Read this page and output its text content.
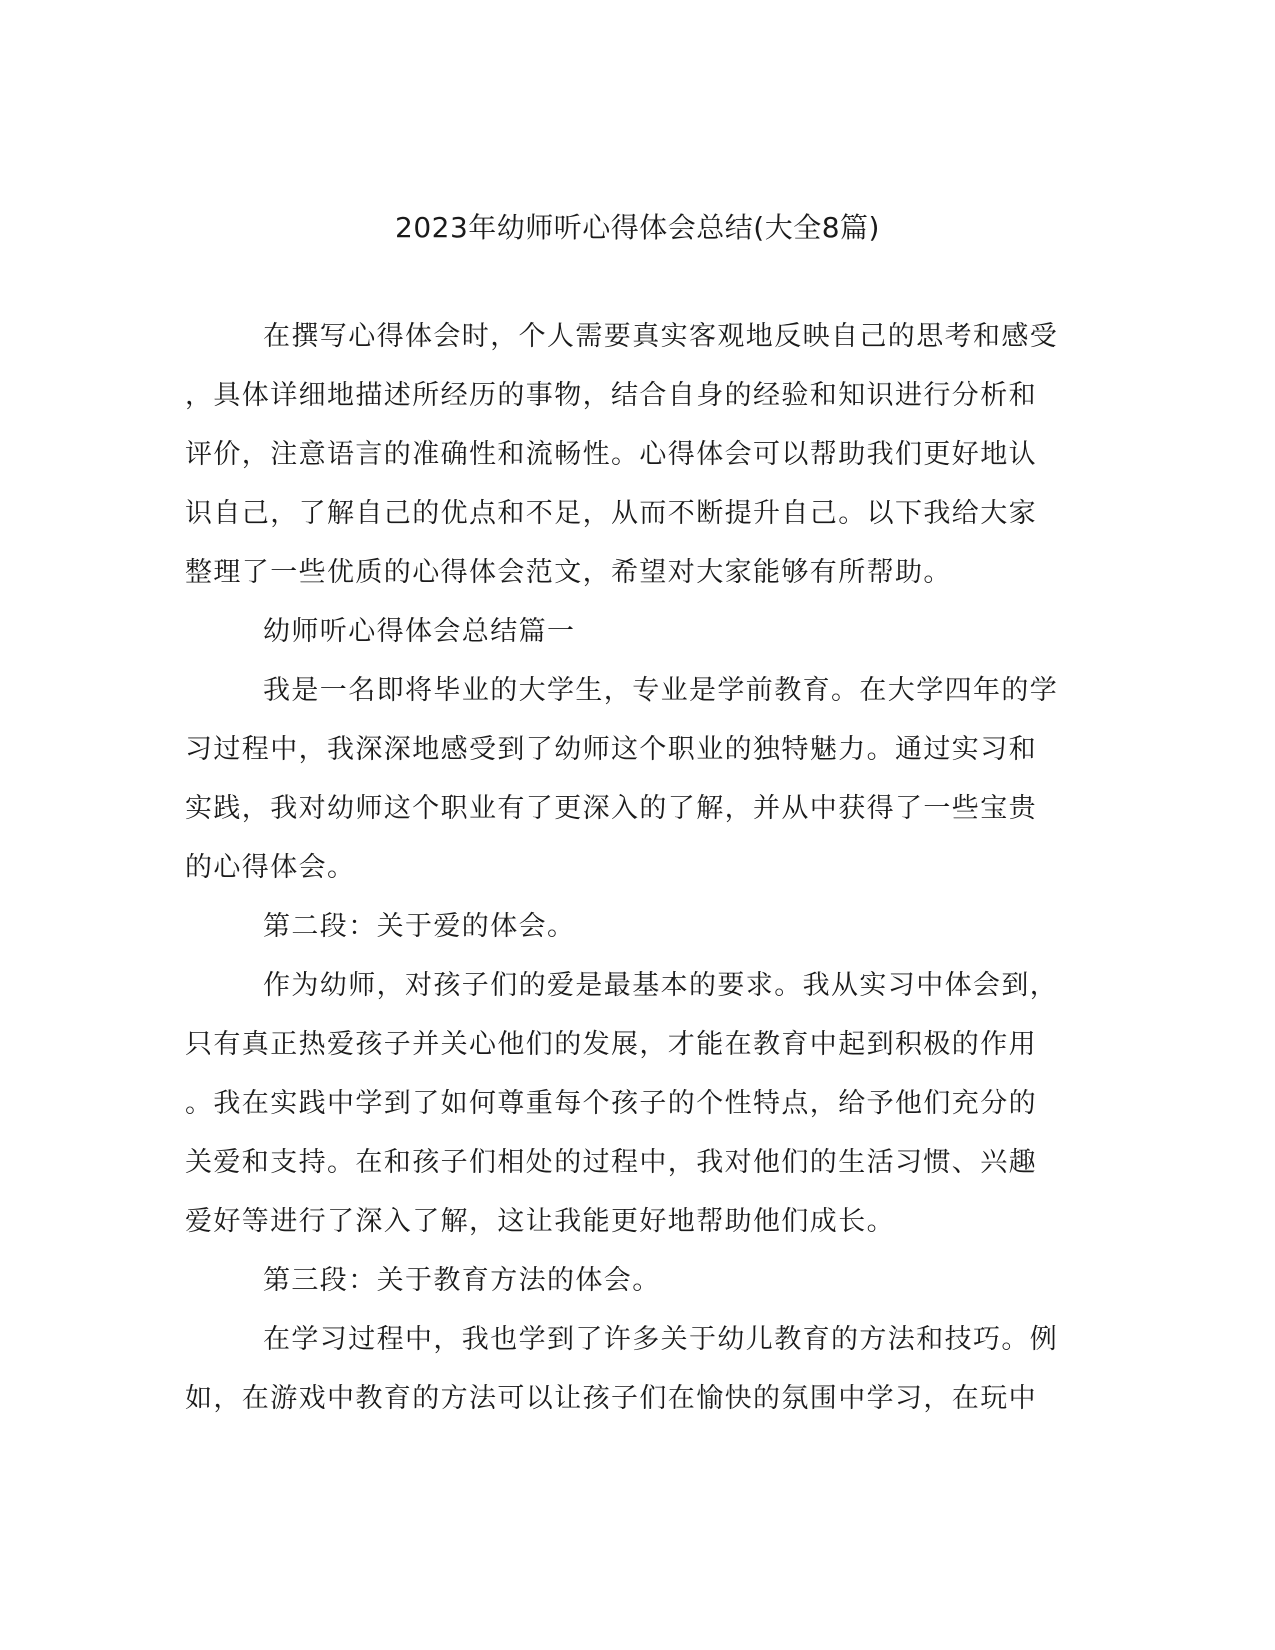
2023年幼师听心得体会总结(大全8篇)
在撰写心得体会时，个人需要真实客观地反映自己的思考和感受
，具体详细地描述所经历的事物，结合自身的经验和知识进行分析和
评价，注意语言的准确性和流畅性。心得体会可以帮助我们更好地认
识自己，了解自己的优点和不足，从而不断提升自己。以下我给大家
整理了一些优质的心得体会范文，希望对大家能够有所帮助。
幼师听心得体会总结篇一
我是一名即将毕业的大学生，专业是学前教育。在大学四年的学
习过程中，我深深地感受到了幼师这个职业的独特魅力。通过实习和
实践，我对幼师这个职业有了更深入的了解，并从中获得了一些宝贵
的心得体会。
第二段：关于爱的体会。
作为幼师，对孩子们的爱是最基本的要求。我从实习中体会到，
只有真正热爱孩子并关心他们的发展，才能在教育中起到积极的作用
。我在实践中学到了如何尊重每个孩子的个性特点，给予他们充分的
关爱和支持。在和孩子们相处的过程中，我对他们的生活习惯、兴趣
爱好等进行了深入了解，这让我能更好地帮助他们成长。
第三段：关于教育方法的体会。
在学习过程中，我也学到了许多关于幼儿教育的方法和技巧。例
如，在游戏中教育的方法可以让孩子们在愉快的氛围中学习，在玩中
